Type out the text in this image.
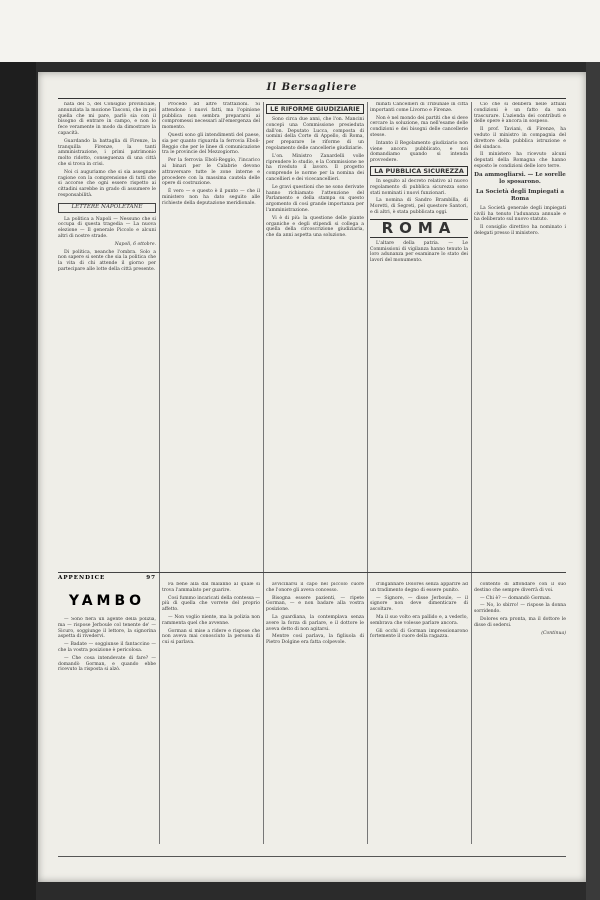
Il Bersagliere

nata del 5, del Consiglio provinciale, annunziata la mozione Tasconi, che in poi quella che mi pare, parlò sia con il bisogno di entrare in campo, e non lo fece veramente in modo da dimostrare la capacità.

Guardando la battaglia di Firenze, la tranquilla Firenze, la tanti amministrazione, i primi patrimonio molto ridotto, conseguenza di una città che si trova in crisi.

Noi ci auguriamo che si sia assegnate ragione con la comprensione di tutti che si accorse che ogni essere rispetto ai cittadini sarebbe in grado di assumere le responsabilità.

LETTERE NAPOLETANE

La politica a Napoli — Nessuno che si occupa di questa tragedia — La nuova elezione — Il generale Piccolo e alcuni altri di nostre strade.

Napoli, 6 ottobre.

Di politica, neanche l'ombra. Solo a non sapere si sente che sia la politica che la vita di chi attende il giorno per partecipare alle lotte della città presente.

Procedo ad altre trattazioni. Si attendono i nuovi fatti, ma l'opinione pubblica non sembra prepararsi ai compromessi necessari all'emergenza del momento.

Questi sono gli intendimenti del paese, sia per quanto riguarda la ferrovia Eboli-Reggio che per le linee di comunicazione tra le provincie del Mezzogiorno.

Per la ferrovia Eboli-Reggio, l'incarico ai binari per le Calabrie devono attraversare tutte le zone interne e procedere con la massima cautela delle opere di costruzione.

È vero — e questo è il punto — che il ministero non ha dato seguito alle richieste della deputazione meridionale.

LE RIFORME GIUDIZIARIE

Sono circa due anni, che l'on. Mancini concepì una Commissione presieduta dall'on. Deputato Lucca, composta di uomini della Corte di Appello, di Roma, per preparare le riforme di un regolamento delle cancellerie giudiziarie.

L'on. Ministro Zanardelli volle riprendere lo studio, e la Commissione ne ha riveduto il lavoro. Il progetto comprende le norme per la nomina dei cancellieri e dei vicecancellieri.

Le gravi questioni che ne sono derivate hanno richiamato l'attenzione del Parlamento e della stampa su questo argomento di così grande importanza per l'amministrazione.

Vi è di più: la questione delle piante organiche e degli stipendi si collega a quella della circoscrizione giudiziaria, che da anni aspetta una soluzione.

minati Cancellieri di Tribunale in città importanti come Livorno e Firenze.

Non è nel mondo dei partiti che si deve cercare la soluzione, ma nell'esame delle condizioni e dei bisogni delle cancellerie stesse.

Intanto il Regolamento giudiziario non viene ancora pubblicato, e noi domandiamo quando si intenda provvedere.

LA PUBBLICA SICUREZZA

In seguito al decreto relativo al nuovo regolamento di pubblica sicurezza sono stati nominati i nuovi funzionari.

La nomina di Sandro Brambilla, di Moretti, di Segreti, pel questore Santori, e di altri, è stata pubblicata oggi.

ROMA

L'altare della patria. — Le Commissioni di vigilanza hanno tenuto la loro adunanza per esaminare lo stato dei lavori del monumento.

Ciò che si delibera nelle attuali condizioni è un fatto da non trascurare. L'azienda dei contributi e delle opere è ancora in sospeso.

Il prof. Taviani, di Firenze, ha veduto il ministro in compagnia del direttore della pubblica istruzione e del sindaco.

Il ministero ha ricevuto alcuni deputati della Romagna che hanno esposto le condizioni delle loro terre.

Da ammogliarsi. — Le sorelle lo sposarono.

La Società degli Impiegati a Roma

La Società generale degli impiegati civili ha tenuto l'adunanza annuale e ha deliberato sul nuovo statuto.

Il consiglio direttivo ha nominato i delegati presso il ministero.

APPENDICE	97
YAMBO

— Sono fiera un agente della polizia, ma — rispose Jerboule col tenente de' — Sicuro, soggiunge il lettore, la signorina aspetta di rivedervi.

— Badate — soggiunse il fantaccino — che la vostra posizione è pericolosa.

— Che cosa intendevate di fare? — domandò Gorman, e quando ebbe ricevuto la risposta si alzò.

Fa bene alla dal malanno al quale si trova l'ammalato per guarire.

Così fummo incaricati della contessa — più di quella che vorrete del proprio affetto.

— Non voglio niente, ma la polizia non rammenta quel che avvenne.

Gorman si mise a ridere e rispose che non aveva mai conosciuto la persona di cui si parlava.

avvicinarsi il capo nel piccolo cuore che l'onore gli aveva concesso.

Bisogna essere pazienti, — ripete Gorman, — e non badare alla vostra posizione.

La guardiana, la contemplava senza avere la forza di parlare, e il dottore le aveva detto di non agitarsi.

Mentre così parlava, la figliuola di Pietro Dolgine era fatta colpevole.

d'ingannare Dolores senza apparire ad un tradimento degno di essere punito.

— Signore, — disse Jerboule, — il signore non deve dimenticare di ascoltare.

Ma il suo volto era pallido e, a vederlo, sembrava che volesse parlare ancora.

Gli occhi di Gorman impressionarono fortemente il cuore della ragazza.

contento di affondare con il suo destino che sempre diverrà di voi.

— Chi è? — domandò Gorman.

— No, lo sbirro! — rispose la donna sorridendo.

Dolores era pronta, ma il dottore le disse di sedersi.

(Continua)
